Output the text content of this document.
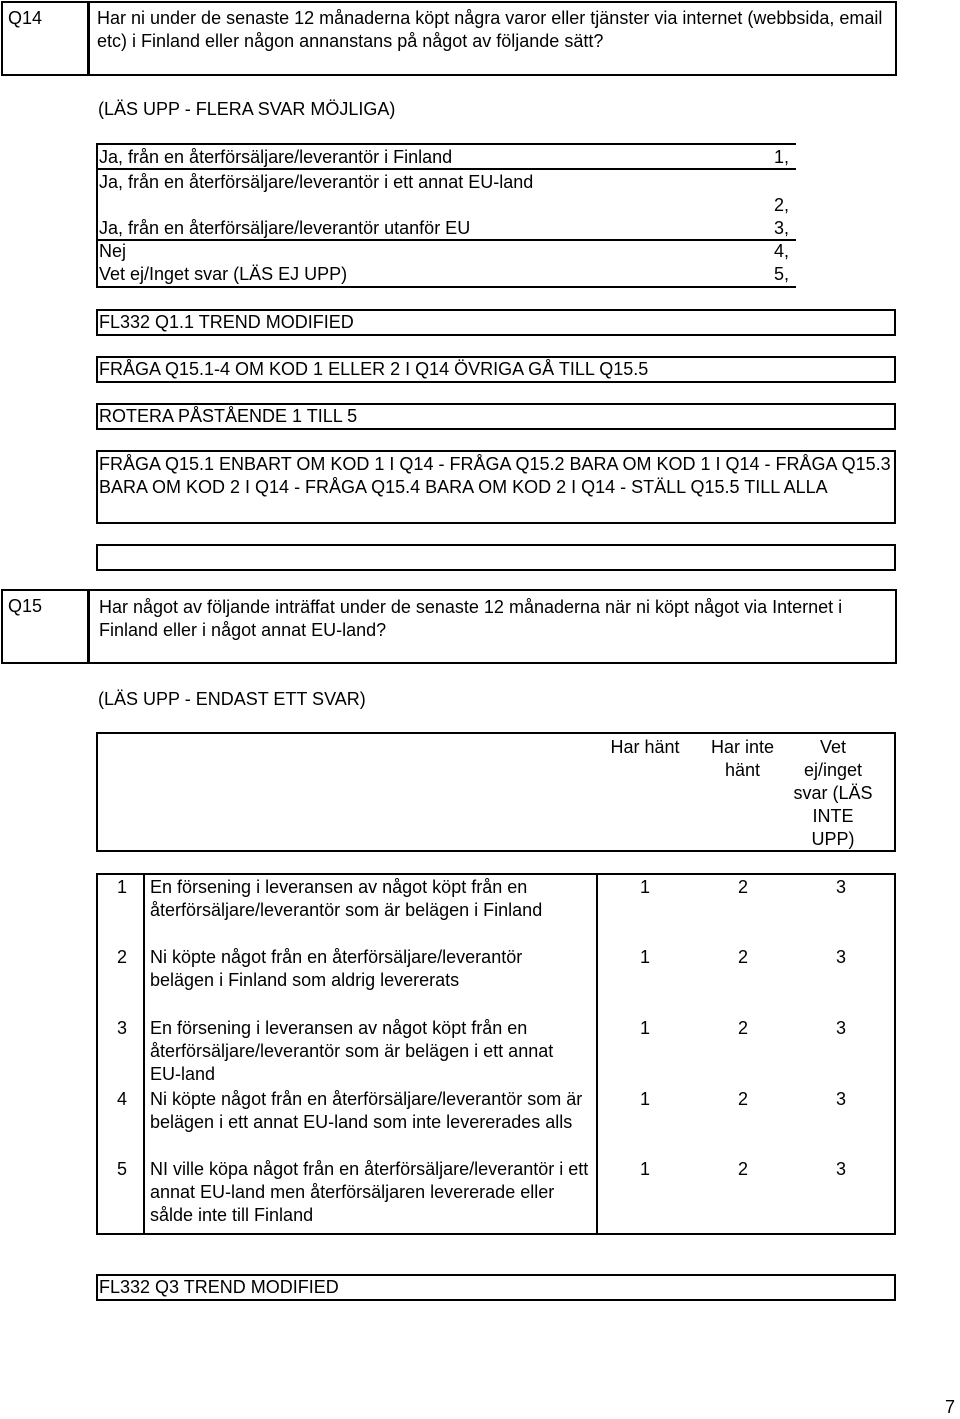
Q14	Har ni under de senaste 12 månaderna köpt några varor eller tjänster via internet (webbsida, email etc) i Finland eller någon annanstans på något av följande sätt?
(LÄS UPP - FLERA SVAR MÖJLIGA)
Ja, från en återförsäljare/leverantör i Finland	1,
Ja, från en återförsäljare/leverantör i ett annat EU-land
2,
Ja, från en återförsäljare/leverantör utanför EU	3,
Nej	4,
Vet ej/Inget svar (LÄS EJ UPP)	5,
FL332 Q1.1 TREND MODIFIED
FRÅGA Q15.1-4 OM KOD 1 ELLER 2 I Q14 ÖVRIGA GÅ TILL Q15.5
ROTERA PÅSTÅENDE 1 TILL 5
FRÅGA Q15.1 ENBART OM KOD 1 I Q14 - FRÅGA Q15.2 BARA OM KOD 1 I Q14 - FRÅGA Q15.3 BARA OM KOD 2 I Q14 - FRÅGA Q15.4 BARA OM KOD 2 I Q14 - STÄLL Q15.5 TILL ALLA
Q15	Har något av följande inträffat under de senaste 12 månaderna när ni köpt något via Internet i Finland eller i något annat EU-land?
(LÄS UPP - ENDAST ETT SVAR)
Har hänt	Har inte hänt
Vet ej/inget svar (LÄS INTE UPP)
1 En försening i leveransen av något köpt från en återförsäljare/leverantör som är belägen i Finland
1	2	3
2 Ni köpte något från en återförsäljare/leverantör belägen i Finland som aldrig levererats
1	2	3
3 En försening i leveransen av något köpt från en återförsäljare/leverantör som är belägen i ett annat EU-land
1	2	3
4 Ni köpte något från en återförsäljare/leverantör som är belägen i ett annat EU-land som inte levererades alls
1	2	3
5 NI ville köpa något från en återförsäljare/leverantör i ett annat EU-land men återförsäljaren levererade eller sålde inte till Finland
1	2	3
FL332 Q3 TREND MODIFIED
7
